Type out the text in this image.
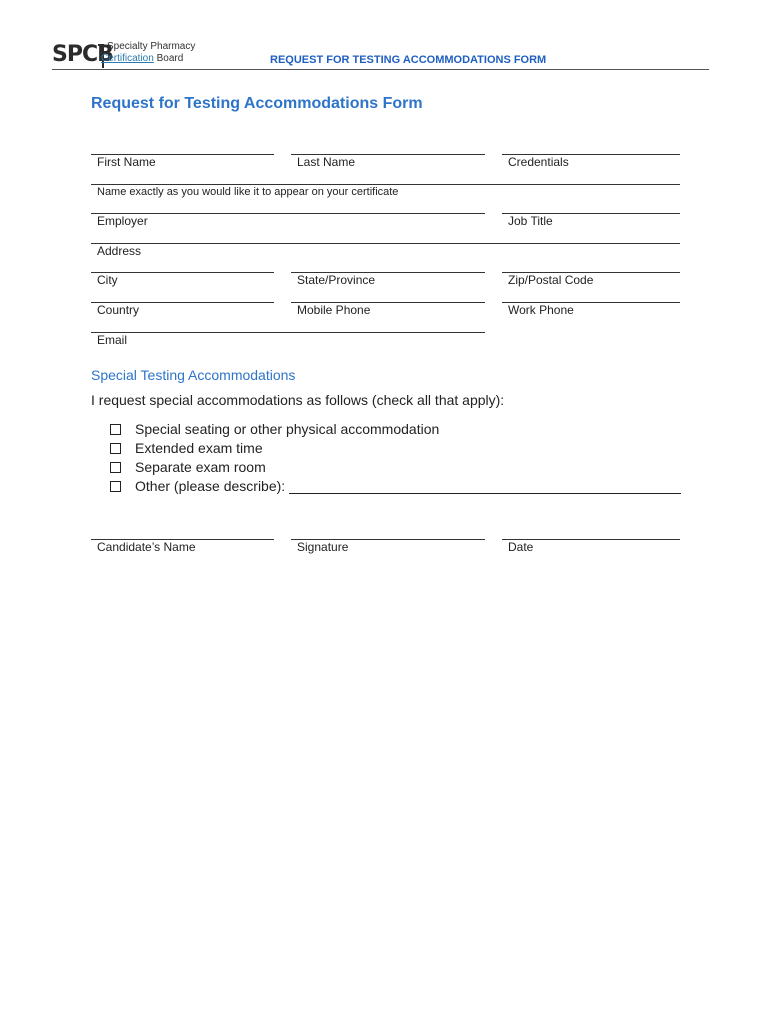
SPCB
Specialty Pharmacy
Certification Board	REQUEST FOR TESTING ACCOMMODATIONS FORM
Request for Testing Accommodations Form
First Name	Last Name	Credentials
Name exactly as you would like it to appear on your certificate
Employer	Job Title
Address
City	State/Province	Zip/Postal Code
Country	Mobile Phone	Work Phone
Email
Special Testing Accommodations
I request special accommodations as follows (check all that apply):
Special seating or other physical accommodation
Extended exam time
Separate exam room
Other (please describe):
Candidate’s Name	Signature	Date
